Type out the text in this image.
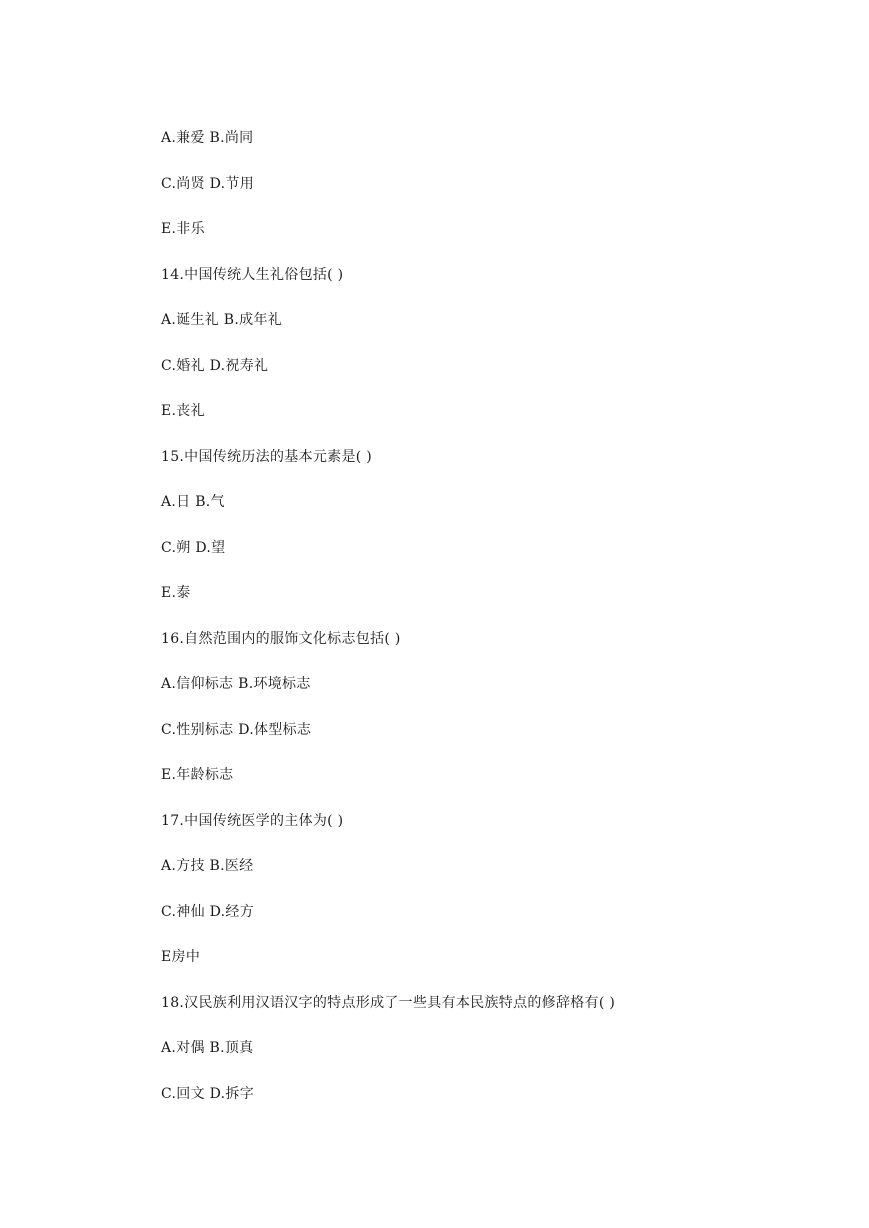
A.兼爱 B.尚同
C.尚贤 D.节用
E.非乐
14.中国传统人生礼俗包括( )
A.诞生礼 B.成年礼
C.婚礼 D.祝寿礼
E.丧礼
15.中国传统历法的基本元素是( )
A.日 B.气
C.朔 D.望
E.泰
16.自然范围内的服饰文化标志包括( )
A.信仰标志 B.环境标志
C.性别标志 D.体型标志
E.年龄标志
17.中国传统医学的主体为( )
A.方技 B.医经
C.神仙 D.经方
E房中
18.汉民族利用汉语汉字的特点形成了一些具有本民族特点的修辞格有( )
A.对偶 B.顶真
C.回文 D.拆字
